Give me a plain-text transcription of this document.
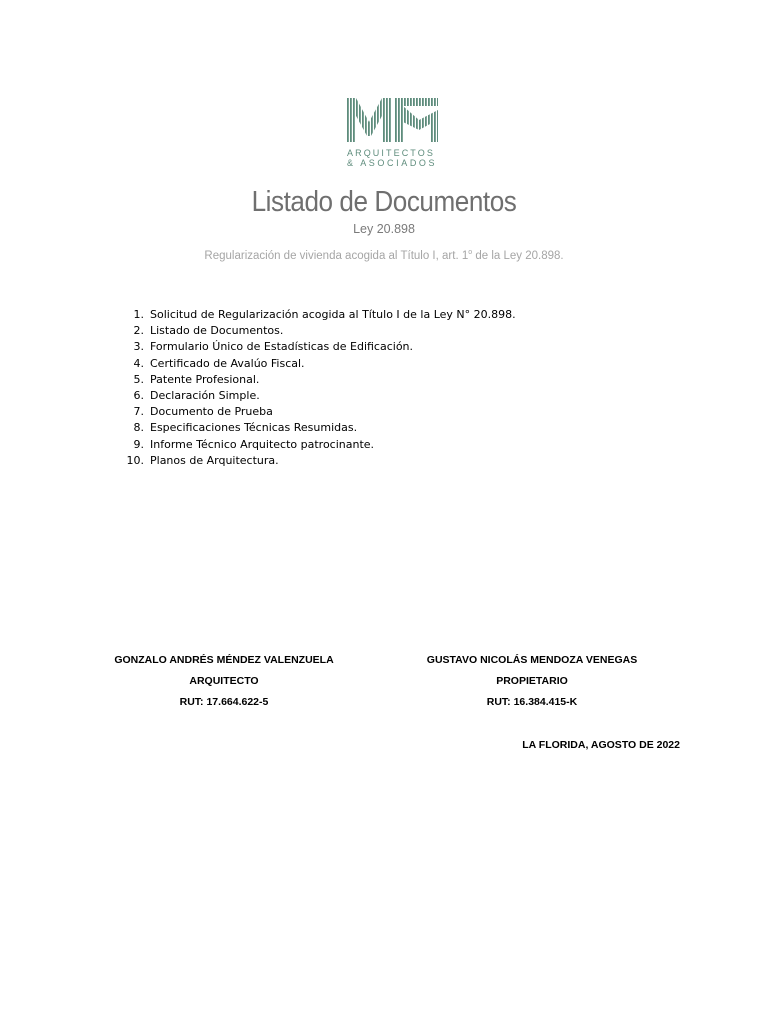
ARQUITECTOS
& ASOCIADOS
Listado de Documentos
Ley 20.898
Regularización de vivienda acogida al Título I, art. 1$^o$ de la Ley 20.898.
1. Solicitud de Regularización acogida al Título I de la Ley N° 20.898.
2. Listado de Documentos.
3. Formulario Único de Estadísticas de Edificación.
4. Certificado de Avalúo Fiscal.
5. Patente Profesional.
6. Declaración Simple.
7. Documento de Prueba
8. Especificaciones Técnicas Resumidas.
9. Informe Técnico Arquitecto patrocinante.
10. Planos de Arquitectura.
GONZALO ANDRÉS MÉNDEZ VALENZUELA
ARQUITECTO
RUT: 17.664.622-5
GUSTAVO NICOLÁS MENDOZA VENEGAS
PROPIETARIO
RUT: 16.384.415-K
LA FLORIDA, AGOSTO DE 2022
